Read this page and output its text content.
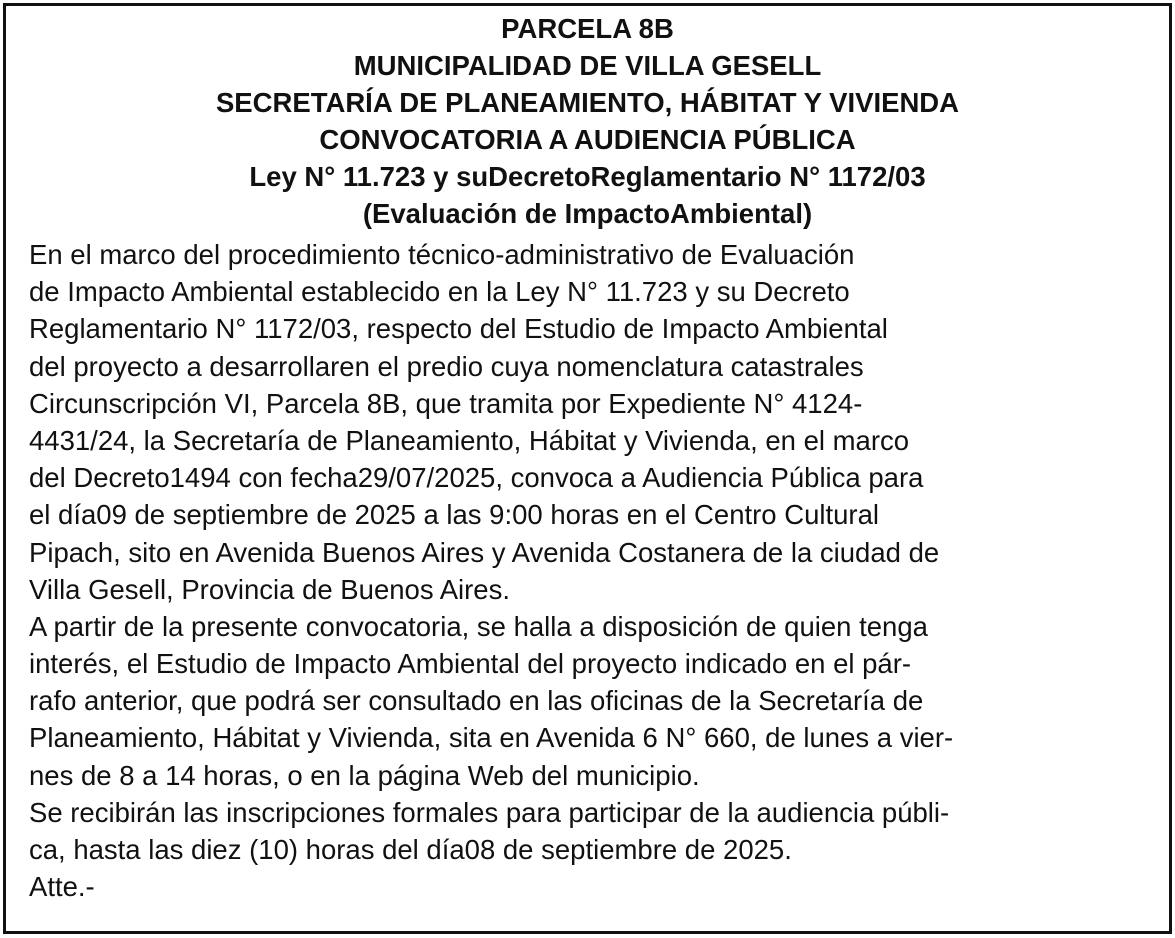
PARCELA 8B
MUNICIPALIDAD DE VILLA GESELL
SECRETARÍA DE PLANEAMIENTO, HÁBITAT Y VIVIENDA
CONVOCATORIA A AUDIENCIA PÚBLICA
Ley N° 11.723 y suDecretoReglamentario N° 1172/03
(Evaluación de ImpactoAmbiental)
En el marco del procedimiento técnico-administrativo de Evaluación
de Impacto Ambiental establecido en la Ley N° 11.723 y su Decreto
Reglamentario N° 1172/03, respecto del Estudio de Impacto Ambiental
del proyecto a desarrollaren el predio cuya nomenclatura catastrales
Circunscripción VI, Parcela 8B, que tramita por Expediente N° 4124-
4431/24, la Secretaría de Planeamiento, Hábitat y Vivienda, en el marco
del Decreto1494 con fecha29/07/2025, convoca a Audiencia Pública para
el día09 de septiembre de 2025 a las 9:00 horas en el Centro Cultural
Pipach, sito en Avenida Buenos Aires y Avenida Costanera de la ciudad de
Villa Gesell, Provincia de Buenos Aires.
A partir de la presente convocatoria, se halla a disposición de quien tenga
interés, el Estudio de Impacto Ambiental del proyecto indicado en el pár-
rafo anterior, que podrá ser consultado en las oficinas de la Secretaría de
Planeamiento, Hábitat y Vivienda, sita en Avenida 6 N° 660, de lunes a vier-
nes de 8 a 14 horas, o en la página Web del municipio.
Se recibirán las inscripciones formales para participar de la audiencia públi-
ca, hasta las diez (10) horas del día08 de septiembre de 2025.
Atte.-
